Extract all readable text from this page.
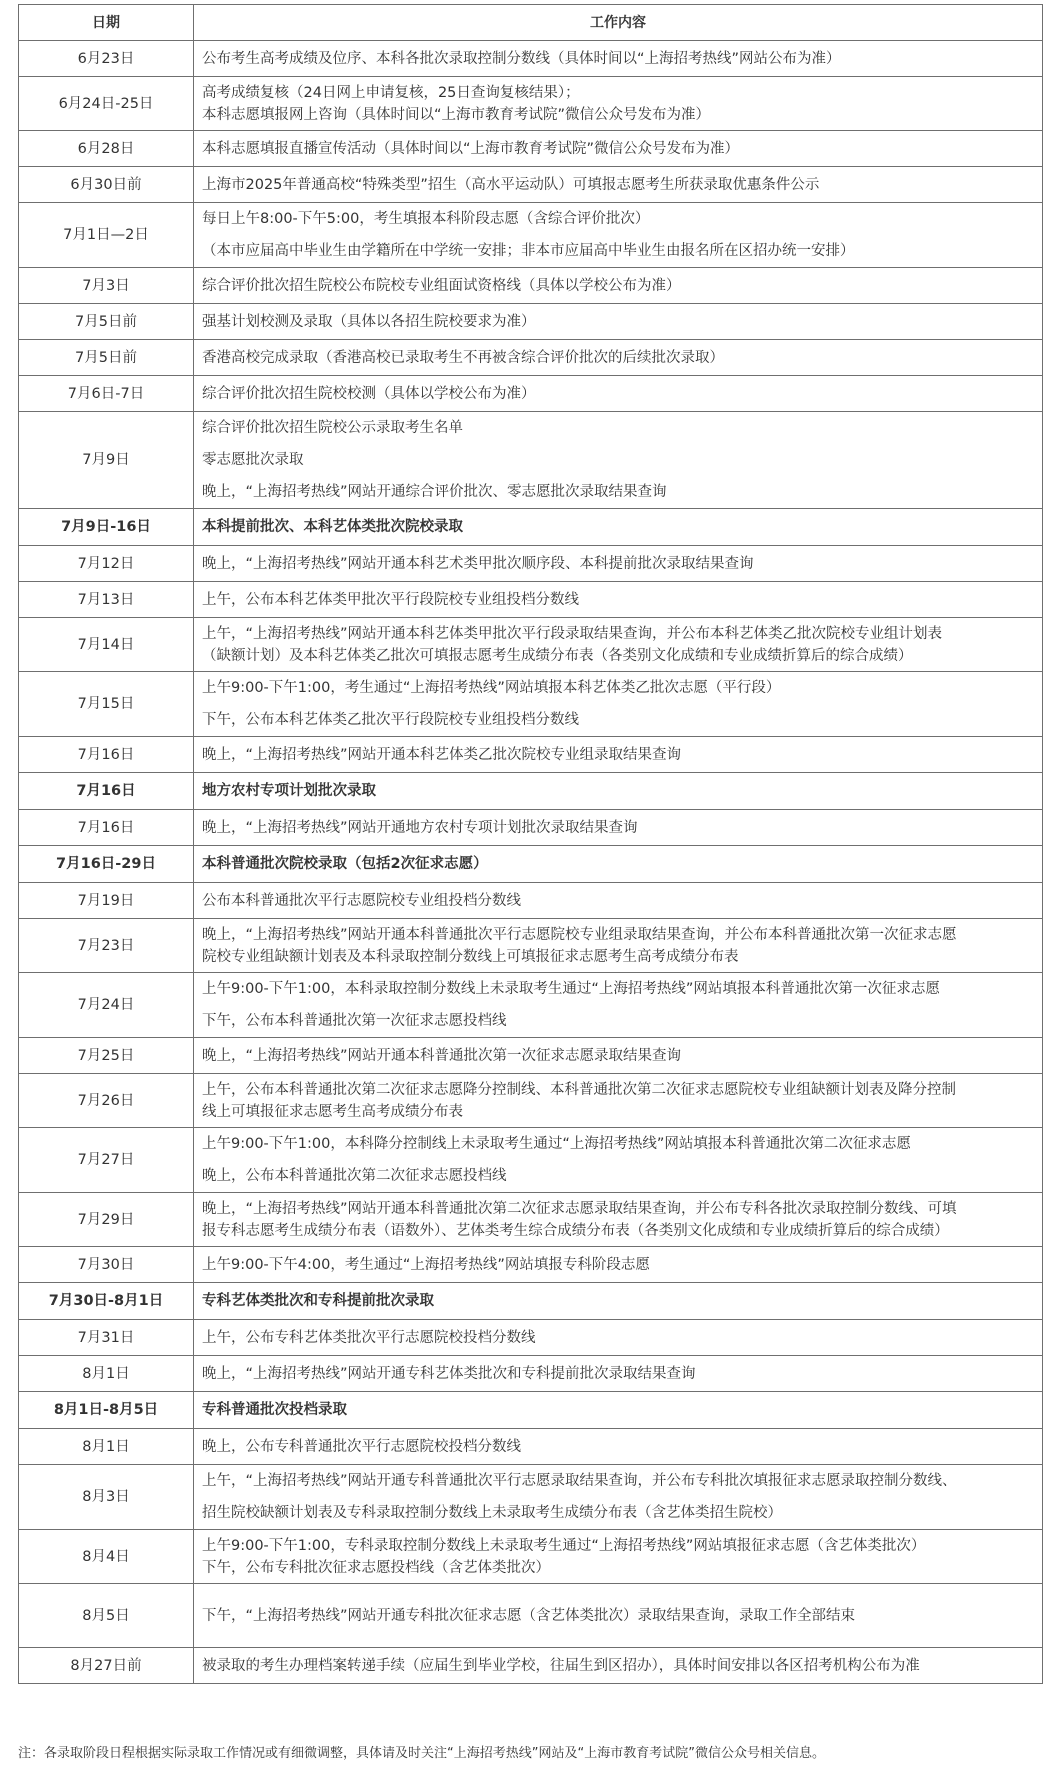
日期	工作内容
6月23日	公布考生高考成绩及位序、本科各批次录取控制分数线（具体时间以“上海招考热线”网站公布为准）

6月24日-25日	高考成绩复核（24日网上申请复核，25日查询复核结果）；
本科志愿填报网上咨询（具体时间以“上海市教育考试院”微信公众号发布为准）

6月28日	本科志愿填报直播宣传活动（具体时间以“上海市教育考试院”微信公众号发布为准）

6月30日前	上海市2025年普通高校“特殊类型”招生（高水平运动队）可填报志愿考生所获录取优惠条件公示

7月1日—2日	每日上午8:00-下午5:00，考生填报本科阶段志愿（含综合评价批次）
（本市应届高中毕业生由学籍所在中学统一安排；非本市应届高中毕业生由报名所在区招办统一安排）

7月3日	综合评价批次招生院校公布院校专业组面试资格线（具体以学校公布为准）

7月5日前	强基计划校测及录取（具体以各招生院校要求为准）

7月5日前	香港高校完成录取（香港高校已录取考生不再被含综合评价批次的后续批次录取）

7月6日-7日	综合评价批次招生院校校测（具体以学校公布为准）

7月9日	综合评价批次招生院校公示录取考生名单
零志愿批次录取
晚上，“上海招考热线”网站开通综合评价批次、零志愿批次录取结果查询

7月9日-16日	本科提前批次、本科艺体类批次院校录取

7月12日	晚上，“上海招考热线”网站开通本科艺术类甲批次顺序段、本科提前批次录取结果查询

7月13日	上午，公布本科艺体类甲批次平行段院校专业组投档分数线

7月14日	上午，“上海招考热线”网站开通本科艺体类甲批次平行段录取结果查询，并公布本科艺体类乙批次院校专业组计划表
（缺额计划）及本科艺体类乙批次可填报志愿考生成绩分布表（各类别文化成绩和专业成绩折算后的综合成绩）

7月15日	上午9:00-下午1:00，考生通过“上海招考热线”网站填报本科艺体类乙批次志愿（平行段）
下午，公布本科艺体类乙批次平行段院校专业组投档分数线

7月16日	晚上，“上海招考热线”网站开通本科艺体类乙批次院校专业组录取结果查询

7月16日	地方农村专项计划批次录取

7月16日	晚上，“上海招考热线”网站开通地方农村专项计划批次录取结果查询

7月16日-29日	本科普通批次院校录取（包括2次征求志愿）

7月19日	公布本科普通批次平行志愿院校专业组投档分数线

7月23日	晚上，“上海招考热线”网站开通本科普通批次平行志愿院校专业组录取结果查询，并公布本科普通批次第一次征求志愿
院校专业组缺额计划表及本科录取控制分数线上可填报征求志愿考生高考成绩分布表

7月24日	上午9:00-下午1:00，本科录取控制分数线上未录取考生通过“上海招考热线”网站填报本科普通批次第一次征求志愿
下午，公布本科普通批次第一次征求志愿投档线

7月25日	晚上，“上海招考热线”网站开通本科普通批次第一次征求志愿录取结果查询

7月26日	上午，公布本科普通批次第二次征求志愿降分控制线、本科普通批次第二次征求志愿院校专业组缺额计划表及降分控制
线上可填报征求志愿考生高考成绩分布表

7月27日	上午9:00-下午1:00，本科降分控制线上未录取考生通过“上海招考热线”网站填报本科普通批次第二次征求志愿
晚上，公布本科普通批次第二次征求志愿投档线

7月29日	晚上，“上海招考热线”网站开通本科普通批次第二次征求志愿录取结果查询，并公布专科各批次录取控制分数线、可填
报专科志愿考生成绩分布表（语数外）、艺体类考生综合成绩分布表（各类别文化成绩和专业成绩折算后的综合成绩）

7月30日	上午9:00-下午4:00，考生通过“上海招考热线”网站填报专科阶段志愿

7月30日-8月1日	专科艺体类批次和专科提前批次录取

7月31日	上午，公布专科艺体类批次平行志愿院校投档分数线

8月1日	晚上，“上海招考热线”网站开通专科艺体类批次和专科提前批次录取结果查询

8月1日-8月5日	专科普通批次投档录取

8月1日	晚上，公布专科普通批次平行志愿院校投档分数线

8月3日	上午，“上海招考热线”网站开通专科普通批次平行志愿录取结果查询，并公布专科批次填报征求志愿录取控制分数线、
招生院校缺额计划表及专科录取控制分数线上未录取考生成绩分布表（含艺体类招生院校）

8月4日	上午9:00-下午1:00，专科录取控制分数线上未录取考生通过“上海招考热线”网站填报征求志愿（含艺体类批次）
下午，公布专科批次征求志愿投档线（含艺体类批次）

8月5日	下午，“上海招考热线”网站开通专科批次征求志愿（含艺体类批次）录取结果查询，录取工作全部结束

8月27日前	被录取的考生办理档案转递手续（应届生到毕业学校，往届生到区招办），具体时间安排以各区招考机构公布为准
注：各录取阶段日程根据实际录取工作情况或有细微调整，具体请及时关注“上海招考热线”网站及“上海市教育考试院”微信公众号相关信息。
